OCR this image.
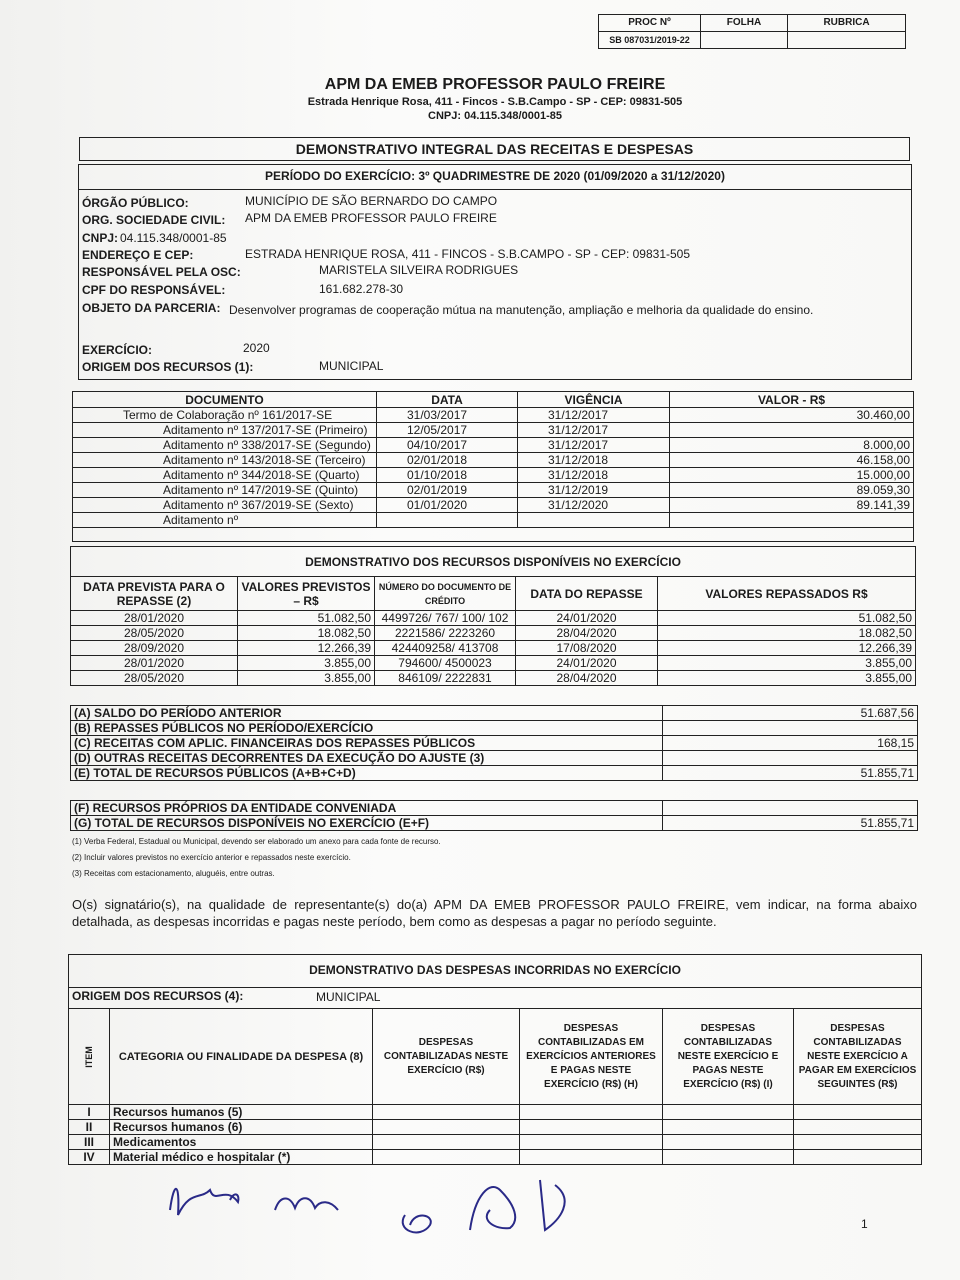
PROC Nº	FOLHA	RUBRICA
SB 087031/2019-22		
APM DA EMEB PROFESSOR PAULO FREIRE
Estrada Henrique Rosa, 411 - Fincos - S.B.Campo - SP - CEP: 09831-505
CNPJ: 04.115.348/0001-85
DEMONSTRATIVO INTEGRAL DAS RECEITAS E DESPESAS
PERÍODO DO EXERCÍCIO: 3º QUADRIMESTRE DE 2020 (01/09/2020 a 31/12/2020)
ÓRGÃO PÚBLICO:	MUNICÍPIO DE SÃO BERNARDO DO CAMPO
ORG. SOCIEDADE CIVIL: APM DA EMEB PROFESSOR PAULO FREIRE
CNPJ: 04.115.348/0001-85
ENDEREÇO E CEP:	ESTRADA HENRIQUE ROSA, 411 - FINCOS - S.B.CAMPO - SP - CEP: 09831-505
RESPONSÁVEL PELA OSC:	MARISTELA SILVEIRA RODRIGUES
CPF DO RESPONSÁVEL:	161.682.278-30
OBJETO DA PARCERIA: Desenvolver programas de cooperação mútua na manutenção, ampliação e melhoria da qualidade do ensino.
EXERCÍCIO:	2020
ORIGEM DOS RECURSOS (1):	MUNICIPAL
DOCUMENTO	DATA	VIGÊNCIA	VALOR - R$
Termo de Colaboração nº 161/2017-SE	31/03/2017	31/12/2017	30.460,00
Aditamento nº 137/2017-SE (Primeiro)	12/05/2017	31/12/2017	
Aditamento nº 338/2017-SE (Segundo)	04/10/2017	31/12/2017	8.000,00
Aditamento nº 143/2018-SE (Terceiro)	02/01/2018	31/12/2018	46.158,00
Aditamento nº 344/2018-SE (Quarto)	01/10/2018	31/12/2018	15.000,00
Aditamento nº 147/2019-SE (Quinto)	02/01/2019	31/12/2019	89.059,30
Aditamento nº 367/2019-SE (Sexto)	01/01/2020	31/12/2020	89.141,39
Aditamento nº			

DEMONSTRATIVO DOS RECURSOS DISPONÍVEIS NO EXERCÍCIO				
DATA PREVISTA PARA O REPASSE (2)	VALORES PREVISTOS – R$	NÚMERO DO DOCUMENTO DE CRÉDITO	DATA DO REPASSE	VALORES REPASSADOS R$
28/01/2020	51.082,50	4499726/ 767/ 100/ 102	24/01/2020	51.082,50
28/05/2020	18.082,50	2221586/ 2223260	28/04/2020	18.082,50
28/09/2020	12.266,39	424409258/ 413708	17/08/2020	12.266,39
28/01/2020	3.855,00	794600/ 4500023	24/01/2020	3.855,00
28/05/2020	3.855,00	846109/ 2222831	28/04/2020	3.855,00
(A) SALDO DO PERÍODO ANTERIOR	51.687,56
(B) REPASSES PÚBLICOS NO PERÍODO/EXERCÍCIO	
(C) RECEITAS COM APLIC. FINANCEIRAS DOS REPASSES PÚBLICOS	168,15
(D) OUTRAS RECEITAS DECORRENTES DA EXECUÇÃO DO AJUSTE (3)	
(E) TOTAL DE RECURSOS PÚBLICOS (A+B+C+D)	51.855,71
(F) RECURSOS PRÓPRIOS DA ENTIDADE CONVENIADA	
(G) TOTAL DE RECURSOS DISPONÍVEIS NO EXERCÍCIO (E+F)	51.855,71
(1) Verba Federal, Estadual ou Municipal, devendo ser elaborado um anexo para cada fonte de recurso.
(2) Incluir valores previstos no exercício anterior e repassados neste exercício.
(3) Receitas com estacionamento, aluguéis, entre outras.
O(s) signatário(s), na qualidade de representante(s) do(a) APM DA EMEB PROFESSOR PAULO FREIRE, vem indicar, na forma abaixo detalhada, as despesas incorridas e pagas neste período, bem como as despesas a pagar no período seguinte.
DEMONSTRATIVO DAS DESPESAS INCORRIDAS NO EXERCÍCIO
ORIGEM DOS RECURSOS (4):	MUNICIPAL
ITEM	CATEGORIA OU FINALIDADE DA DESPESA (8)	DESPESAS CONTABILIZADAS NESTE EXERCÍCIO (R$)	DESPESAS CONTABILIZADAS EM EXERCÍCIOS ANTERIORES E PAGAS NESTE EXERCÍCIO (R$) (H)	DESPESAS CONTABILIZADAS NESTE EXERCÍCIO E PAGAS NESTE EXERCÍCIO (R$) (I)	DESPESAS CONTABILIZADAS NESTE EXERCÍCIO A PAGAR EM EXERCÍCIOS SEGUINTES (R$)
I	Recursos humanos (5)				
II	Recursos humanos (6)				
III	Medicamentos				
IV	Material médico e hospitalar (*)				
1
